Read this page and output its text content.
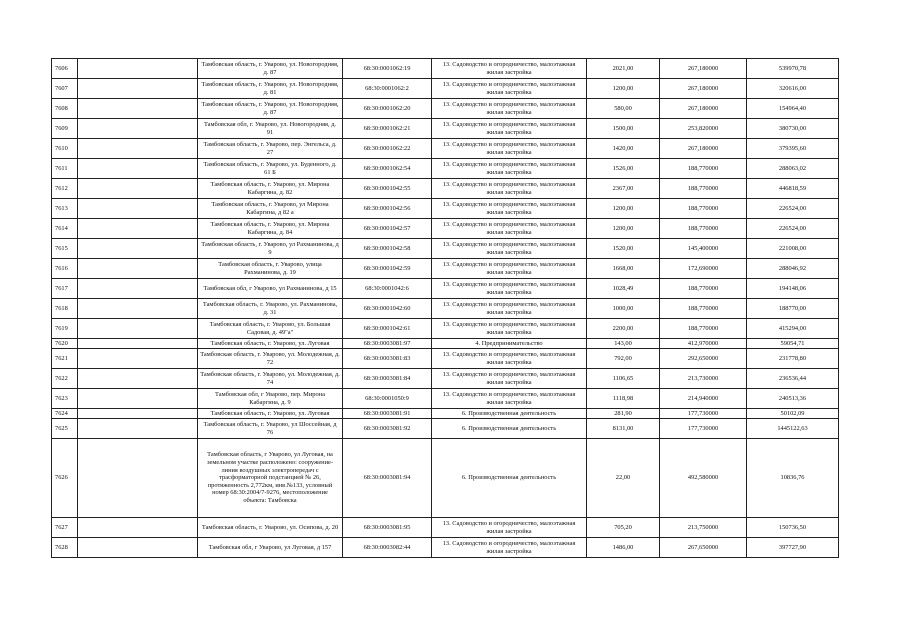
7606		Тамбовская область, г. Уварово, ул. Новогородняя, д. 87	68:30:0001062:19	13. Садоводство и огородничество, малоэтажная жилая застройка	2021,00	267,180000	539970,78
7607		Тамбовская область, г. Уварово, ул. Новогородняя, д. 81	68:30:0001062:2	13. Садоводство и огородничество, малоэтажная жилая застройка	1200,00	267,180000	320616,00
7608		Тамбовская область, г. Уварово, ул. Новогородняя, д. 87	68:30:0001062:20	13. Садоводство и огородничество, малоэтажная жилая застройка	580,00	267,180000	154964,40
7609		Тамбовская обл, г. Уварово, ул. Новогородняя, д. 91	68:30:0001062:21	13. Садоводство и огородничество, малоэтажная жилая застройка	1500,00	253,820000	380730,00
7610		Тамбовская область, г. Уварово, пер. Энгельса, д. 27	68:30:0001062:22	13. Садоводство и огородничество, малоэтажная жилая застройка	1420,00	267,180000	379395,60
7611		Тамбовская область, г. Уварово, ул. Буденного, д. 61 Б	68:30:0001062:54	13. Садоводство и огородничество, малоэтажная жилая застройка	1526,00	188,770000	288063,02
7612		Тамбовская область, г. Уварово, ул. Мирона Кабаргина, д. 82	68:30:0001042:55	13. Садоводство и огородничество, малоэтажная жилая застройка	2367,00	188,770000	446818,59
7613		Тамбовская область, г. Уварово, ул Мирона Кабаргина, д 82 а	68:30:0001042:56	13. Садоводство и огородничество, малоэтажная жилая застройка	1200,00	188,770000	226524,00
7614		Тамбовская область, г. Уварово, ул. Мирона Кабаргина, д. 84	68:30:0001042:57	13. Садоводство и огородничество, малоэтажная жилая застройка	1200,00	188,770000	226524,00
7615		Тамбовская область, г. Уварово, ул Рахманинова, д 9	68:30:0001042:58	13. Садоводство и огородничество, малоэтажная жилая застройка	1520,00	145,400000	221008,00
7616		Тамбовская область, г. Уварово, улица Рахманинова, д. 19	68:30:0001042:59	13. Садоводство и огородничество, малоэтажная жилая застройка	1668,00	172,690000	288046,92
7617		Тамбовская обл, г Уварово, ул Рахманинова, д 15	68:30:0001042:6	13. Садоводство и огородничество, малоэтажная жилая застройка	1028,49	188,770000	194148,06
7618		Тамбовская область, г. Уварово, ул. Рахманинова, д. 31	68:30:0001042:60	13. Садоводство и огородничество, малоэтажная жилая застройка	1000,00	188,770000	188770,00
7619		Тамбовская область, г. Уварово, ул. Большая Садовая, д. 49"а"	68:30:0001042:61	13. Садоводство и огородничество, малоэтажная жилая застройка	2200,00	188,770000	415294,00
7620		Тамбовская область, г. Уварово, ул. Луговая	68:30:0003081:97	4. Предпринимательство	143,00	412,970000	59054,71
7621		Тамбовская область, г. Уварово, ул. Молодежная, д. 72	68:30:0003081:83	13. Садоводство и огородничество, малоэтажная жилая застройка	792,00	292,650000	231778,80
7622		Тамбовская область, г. Уварово, ул. Молодежная, д. 74	68:30:0003081:84	13. Садоводство и огородничество, малоэтажная жилая застройка	1106,65	213,730000	236536,44
7623		Тамбовская обл, г Уварово, пер. Мирона Кабаргина, д. 9	68:30:0001050:9	13. Садоводство и огородничество, малоэтажная жилая застройка	1118,98	214,940000	240513,36
7624		Тамбовская область, г. Уварово, ул. Луговая	68:30:0003081:91	6. Производственная деятельность	281,90	177,730000	50102,09
7625		Тамбовская область, г. Уварово, ул Шоссейная, д 76	68:30:0003081:92	6. Производственная деятельность	8131,00	177,730000	1445122,63
7626		Тамбовская область, г Уварово, ул Луговая, на земельном участке расположено: сооружение-линия воздушных электропередач с трасформаторной подстанцией № 26, протяженность 2,772км, инв.№133, условный номер 68:30:2004/7-9276, местоположение объекта: Тамбовска	68:30:0003081:94	6. Производственная деятельность	22,00	492,580000	10836,76
7627		Тамбовская область, г. Уварово, ул. Осипова, д. 20	68:30:0003081:95	13. Садоводство и огородничество, малоэтажная жилая застройка	705,20	213,750000	150736,50
7628		Тамбовская обл, г Уварово, ул Луговая, д 157	68:30:0003082:44	13. Садоводство и огородничество, малоэтажная жилая застройка	1486,00	267,650000	397727,90
